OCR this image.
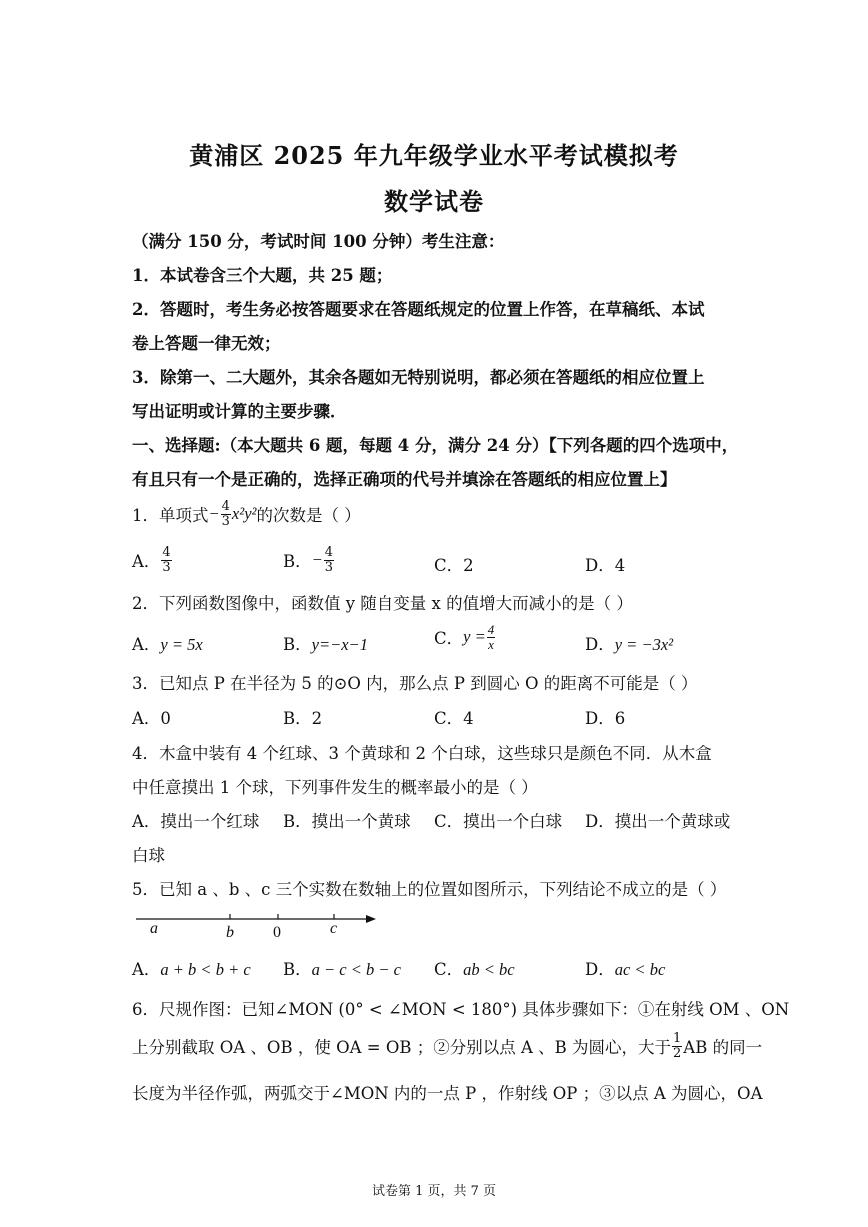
黄浦区 2025 年九年级学业水平考试模拟考
数学试卷
（满分 150 分，考试时间 100 分钟）考生注意：
1．本试卷含三个大题，共 25 题；
2．答题时，考生务必按答题要求在答题纸规定的位置上作答，在草稿纸、本试
卷上答题一律无效；
3．除第一、二大题外，其余各题如无特别说明，都必须在答题纸的相应位置上
写出证明或计算的主要步骤．
一、选择题:（本大题共 6 题，每题 4 分，满分 24 分）【下列各题的四个选项中，
有且只有一个是正确的，选择正确项的代号并填涂在答题纸的相应位置上】
1．单项式 − $\frac{4}{3} x^2y^2$ 的次数是（ ）
A． $\frac{4}{3}$	B． − $\frac{4}{3}$	C．2	D．4
2．下列函数图像中，函数值 y 随自变量 x 的值增大而减小的是（ ）
A．y = 5x	B．y=−x−1	C． $y = \frac{4}{x}$	D．y = −3x²
3．已知点 P 在半径为 5 的⊙O 内，那么点 P 到圆心 O 的距离不可能是（ ）
A．0	B．2	C．4	D．6
4．木盒中装有 4 个红球、3 个黄球和 2 个白球，这些球只是颜色不同．从木盒
中任意摸出 1 个球，下列事件发生的概率最小的是（ ）
A．摸出一个红球 B．摸出一个黄球 C．摸出一个白球 D．摸出一个黄球或
白球
5．已知 a 、b 、c 三个实数在数轴上的位置如图所示，下列结论不成立的是（ ）
a	b 0	c
A．a + b < b + c B．a − c < b − c C．ab < bc	D．ac < bc
6．尺规作图：已知∠MON (0° < ∠MON < 180°) 具体步骤如下：①在射线 OM 、ON
上分别截取 OA 、OB ，使 OA = OB ；②分别以点 A 、B 为圆心，大于 $\frac{1}{2}$ AB 的同一
长度为半径作弧，两弧交于∠MON 内的一点 P ，作射线 OP ；③以点 A 为圆心，OA
试卷第 1 页，共 7 页
